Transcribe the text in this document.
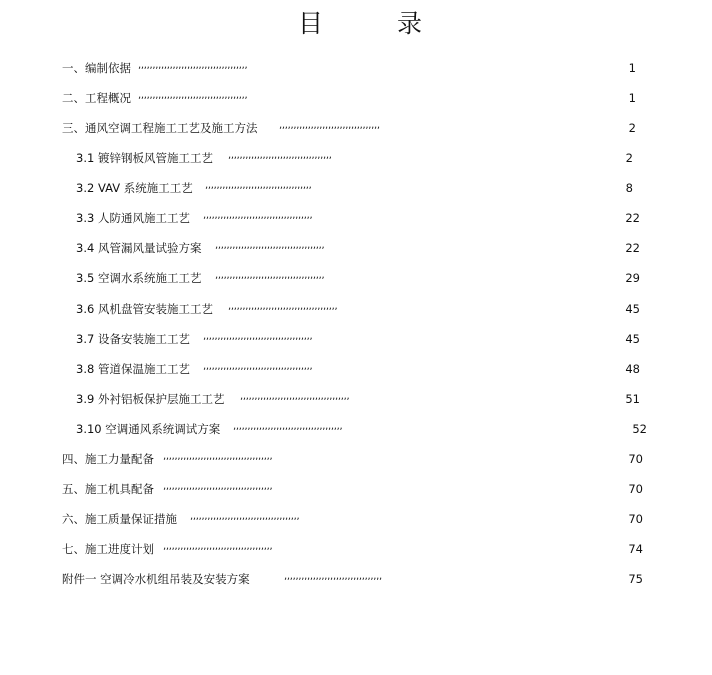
目	录
一、编制依据 ,,,,,,,,,,,,,,,,,,,,,,,,,,,,,,,,,,,,,,	1
二、工程概况 ,,,,,,,,,,,,,,,,,,,,,,,,,,,,,,,,,,,,,,	1
三、通风空调工程施工工艺及施工方法 ,,,,,,,,,,,,,,,,,,,,,,,,,,,,,,,,,,,	2
3.1 镀锌钢板风管施工工艺 ,,,,,,,,,,,,,,,,,,,,,,,,,,,,,,,,,,,,	2
3.2 VAV 系统施工工艺 ,,,,,,,,,,,,,,,,,,,,,,,,,,,,,,,,,,,,,	8
3.3 人防通风施工工艺 ,,,,,,,,,,,,,,,,,,,,,,,,,,,,,,,,,,,,,,	22
3.4 风管漏风量试验方案 ,,,,,,,,,,,,,,,,,,,,,,,,,,,,,,,,,,,,,,	22
3.5 空调水系统施工工艺 ,,,,,,,,,,,,,,,,,,,,,,,,,,,,,,,,,,,,,,	29
3.6 风机盘管安装施工工艺 ,,,,,,,,,,,,,,,,,,,,,,,,,,,,,,,,,,,,,,	45
3.7 设备安装施工工艺 ,,,,,,,,,,,,,,,,,,,,,,,,,,,,,,,,,,,,,,	45
3.8 管道保温施工工艺 ,,,,,,,,,,,,,,,,,,,,,,,,,,,,,,,,,,,,,,	48
3.9 外衬铝板保护层施工工艺 ,,,,,,,,,,,,,,,,,,,,,,,,,,,,,,,,,,,,,,	51
3.10 空调通风系统调试方案 ,,,,,,,,,,,,,,,,,,,,,,,,,,,,,,,,,,,,,,	52
四、施工力量配备 ,,,,,,,,,,,,,,,,,,,,,,,,,,,,,,,,,,,,,,	70
五、施工机具配备 ,,,,,,,,,,,,,,,,,,,,,,,,,,,,,,,,,,,,,,	70
六、施工质量保证措施 ,,,,,,,,,,,,,,,,,,,,,,,,,,,,,,,,,,,,,,	70
七、施工进度计划 ,,,,,,,,,,,,,,,,,,,,,,,,,,,,,,,,,,,,,,	74
附件一 空调冷水机组吊装及安装方案	,,,,,,,,,,,,,,,,,,,,,,,,,,,,,,,,,,	75
